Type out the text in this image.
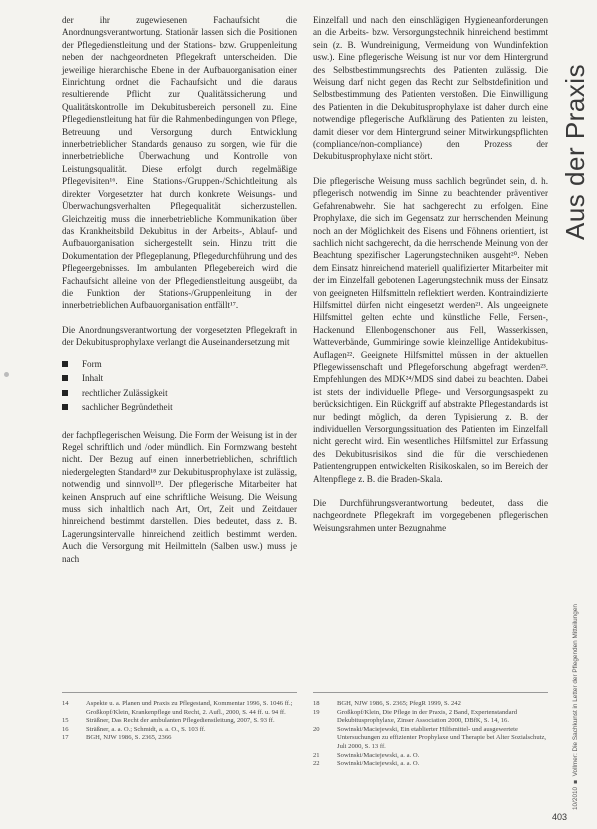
der ihr zugewiesenen Fachaufsicht die Anordnungsverantwortung. Stationär lassen sich die Positionen der Pflegedienstleitung und der Stations- bzw. Gruppenleitung neben der nachgeordneten Pflegekraft unterscheiden. Die jeweilige hierarchische Ebene in der Aufbauorganisation einer Einrichtung ordnet die Fachaufsicht und die daraus resultierende Pflicht zur Qualitätssicherung und Qualitätskontrolle im Dekubitusbereich personell zu. Eine Pflegedienstleitung hat für die Rahmenbedingungen von Pflege, Betreuung und Versorgung durch Entwicklung innerbetrieblicher Standards genauso zu sorgen, wie für die innerbetriebliche Überwachung und Kontrolle von Leistungsqualität. Diese erfolgt durch regelmäßige Pflegevisiten¹⁶. Eine Stations-/Gruppen-/Schichtleitung als direkter Vorgesetzter hat durch konkrete Weisungs- und Überwachungsverhalten Pflegequalität sicherzustellen. Gleichzeitig muss die innerbetriebliche Kommunikation über das Krankheitsbild Dekubitus in der Arbeits-, Ablauf- und Aufbauorganisation sichergestellt sein. Hinzu tritt die Dokumentation der Pflegeplanung, Pflegedurchführung und des Pflegeergebnisses. Im ambulanten Pflegebereich wird die Fachaufsicht alleine von der Pflegedienstleitung ausgeübt, da die Funktion der Stations-/Gruppenleitung in der innerbetrieblichen Aufbauorganisation entfällt¹⁷.

Die Anordnungsverantwortung der vorgesetzten Pflegekraft in der Dekubitusprophylaxe verlangt die Auseinandersetzung mit

Form
Inhalt
rechtlicher Zulässigkeit
sachlicher Begründetheit

der fachpflegerischen Weisung. Die Form der Weisung ist in der Regel schriftlich und /oder mündlich. Ein Formzwang besteht nicht. Der Bezug auf einen innerbetrieblichen, schriftlich niedergelegten Standard¹⁸ zur Dekubitusprophylaxe ist zulässig, notwendig und sinnvoll¹⁹. Der pflegerische Mitarbeiter hat keinen Anspruch auf eine schriftliche Weisung. Die Weisung muss sich inhaltlich nach Art, Ort, Zeit und Zeitdauer hinreichend bestimmt darstellen. Dies bedeutet, dass z. B. Lagerungsintervalle hinreichend zeitlich bestimmt werden. Auch die Versorgung mit Heilmitteln (Salben usw.) muss je nach

Einzelfall und nach den einschlägigen Hygieneanforderungen an die Arbeits- bzw. Versorgungstechnik hinreichend bestimmt sein (z. B. Wundreinigung, Vermeidung von Wundinfektion usw.). Eine pflegerische Weisung ist nur vor dem Hintergrund des Selbstbestimmungsrechts des Patienten zulässig. Die Weisung darf nicht gegen das Recht zur Selbstdefinition und Selbstbestimmung des Patienten verstoßen. Die Einwilligung des Patienten in die Dekubitusprophylaxe ist daher durch eine notwendige pflegerische Aufklärung des Patienten zu leisten, damit dieser vor dem Hintergrund seiner Mitwirkungspflichten (compliance/non-compliance) den Prozess der Dekubitusprophylaxe nicht stört.

Die pflegerische Weisung muss sachlich begründet sein, d. h. pflegerisch notwendig im Sinne zu beachtender präventiver Gefahrenabwehr. Sie hat sachgerecht zu erfolgen. Eine Prophylaxe, die sich im Gegensatz zur herrschenden Meinung noch an der Möglichkeit des Eisens und Föhnens orientiert, ist sachlich nicht sachgerecht, da die herrschende Meinung von der Beachtung spezifischer Lagerungstechniken ausgeht²⁰. Neben dem Einsatz hinreichend materiell qualifizierter Mitarbeiter mit der im Einzelfall gebotenen Lagerungstechnik muss der Einsatz von geeigneten Hilfsmitteln reflektiert werden. Kontraindizierte Hilfsmittel dürfen nicht eingesetzt werden²¹. Als ungeeignete Hilfsmittel gelten echte und künstliche Felle, Fersen-, Hackenund Ellenbogenschoner aus Fell, Wasserkissen, Watteverbände, Gummiringe sowie kleinzellige Antidekubitus-Auflagen²². Geeignete Hilfsmittel müssen in der aktuellen Pflegewissenschaft und Pflegeforschung abgefragt werden²³. Empfehlungen des MDK²⁴/MDS sind dabei zu beachten. Dabei ist stets der individuelle Pflege- und Versorgungsaspekt zu berücksichtigen. Ein Rückgriff auf abstrakte Pflegestandards ist nur bedingt möglich, da deren Typisierung z. B. der individuellen Versorgungssituation des Patienten im Einzelfall nicht gerecht wird. Ein wesentliches Hilfsmittel zur Erfassung des Dekubitusrisikos sind die für die verschiedenen Patientengruppen entwickelten Risikoskalen, so im Bereich der Altenpflege z. B. die Braden-Skala.

Die Durchführungsverantwortung bedeutet, dass die nachgeordnete Pflegekraft im vorgegebenen pflegerischen Weisungsrahmen unter Bezugnahme

14	Aspekte u. a. Planen und Praxis zu Pflegestand, Kommentar 1996, S. 1046 ff.; Großkopf/Klein, Krankenpflege und Recht, 2. Aufl., 2000, S. 44 ff. u. 94 ff.
15	Sträßner, Das Recht der ambulanten Pflegedienstleitung, 2007, S. 93 ff.
16	Sträßner, a. a. O.; Schmidt, a. a. O., S. 103 ff.
17	BGH, NJW 1986, S. 2365, 2366
18	BGH, NJW 1986, S. 2365; PfegR 1999, S. 242
19	Großkopf/Klein, Die Pflege in der Praxis, 2 Band, Expertenstandard Dekubitusprophylaxe, Zinser Association 2000, DBfK, S. 14, 16.
20	Sowinski/Maciejewski, Ein etablierter Hilfsmittel- und ausgewertete Untersuchungen zu effizienter Prophylaxe und Therapie bei Alter Sozialschutz, Juli 2000, S. 13 ff.
21	Sowinski/Maciejewski, a. a. O.
22	Sowinski/Maciejewski, a. a. O.
Aus der Praxis
10/2010 ■ Vollmer: Die Sachkunst in Letter der Pflegenden Mitteilungen
403
